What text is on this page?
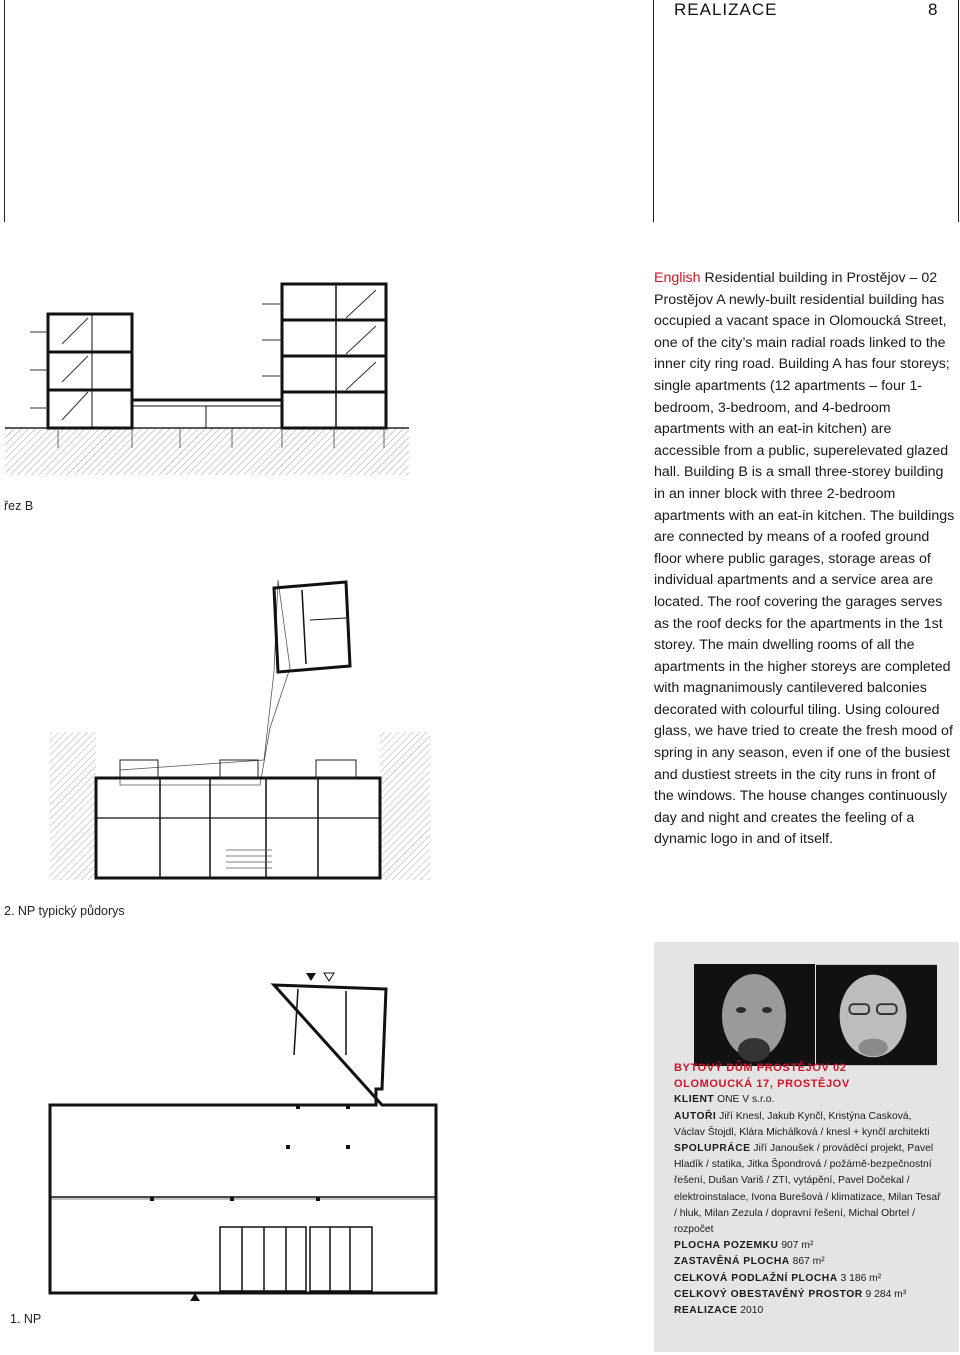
REALIZACE	8
řez B
2. NP typický půdorys
1. NP
English Residential building in Prostějov – 02 Prostějov A newly-built residential building has occupied a vacant space in Olomoucká Street, one of the city’s main radial roads linked to the inner city ring road. Building A has four storeys; single apartments (12 apartments – four 1-bedroom, 3-bedroom, and 4-bedroom apartments with an eat-in kitchen) are accessible from a public, superelevated glazed hall. Building B is a small three-storey building in an inner block with three 2-bedroom apartments with an eat-in kitchen. The buildings are connected by means of a roofed ground floor where public garages, storage areas of individual apartments and a service area are located. The roof covering the garages serves as the roof decks for the apartments in the 1st storey. The main dwelling rooms of all the apartments in the higher storeys are completed with magnanimously cantilevered balconies decorated with colourful tiling. Using coloured glass, we have tried to create the fresh mood of spring in any season, even if one of the busiest and dustiest streets in the city runs in front of the windows. The house changes continuously day and night and creates the feeling of a dynamic logo in and of itself.
BYTOVÝ DŮM PROSTĚJOV 02
OLOMOUCKÁ 17, PROSTĚJOV
KLIENT ONE V s.r.o.
AUTOŘI Jiří Knesl, Jakub Kynčl, Kristýna Casková, Václav Štojdl, Klára Michálková / knesl + kynčl architekti
SPOLUPRÁCE Jiří Janoušek / prováděcí projekt, Pavel Hladík / statika, Jitka Špondrová / požárně-bezpečnostní řešení, Dušan Variš / ZTI, vytápění, Pavel Dočekal / elektroinstalace, Ivona Burešová / klimatizace, Milan Tesař / hluk, Milan Zezula / dopravní řešení, Michal Obrtel / rozpočet
PLOCHA POZEMKU 907 m²
ZASTAVĚNÁ PLOCHA 867 m²
CELKOVÁ PODLAŽNÍ PLOCHA 3 186 m²
CELKOVÝ OBESTAVĚNÝ PROSTOR 9 284 m³
REALIZACE 2010
